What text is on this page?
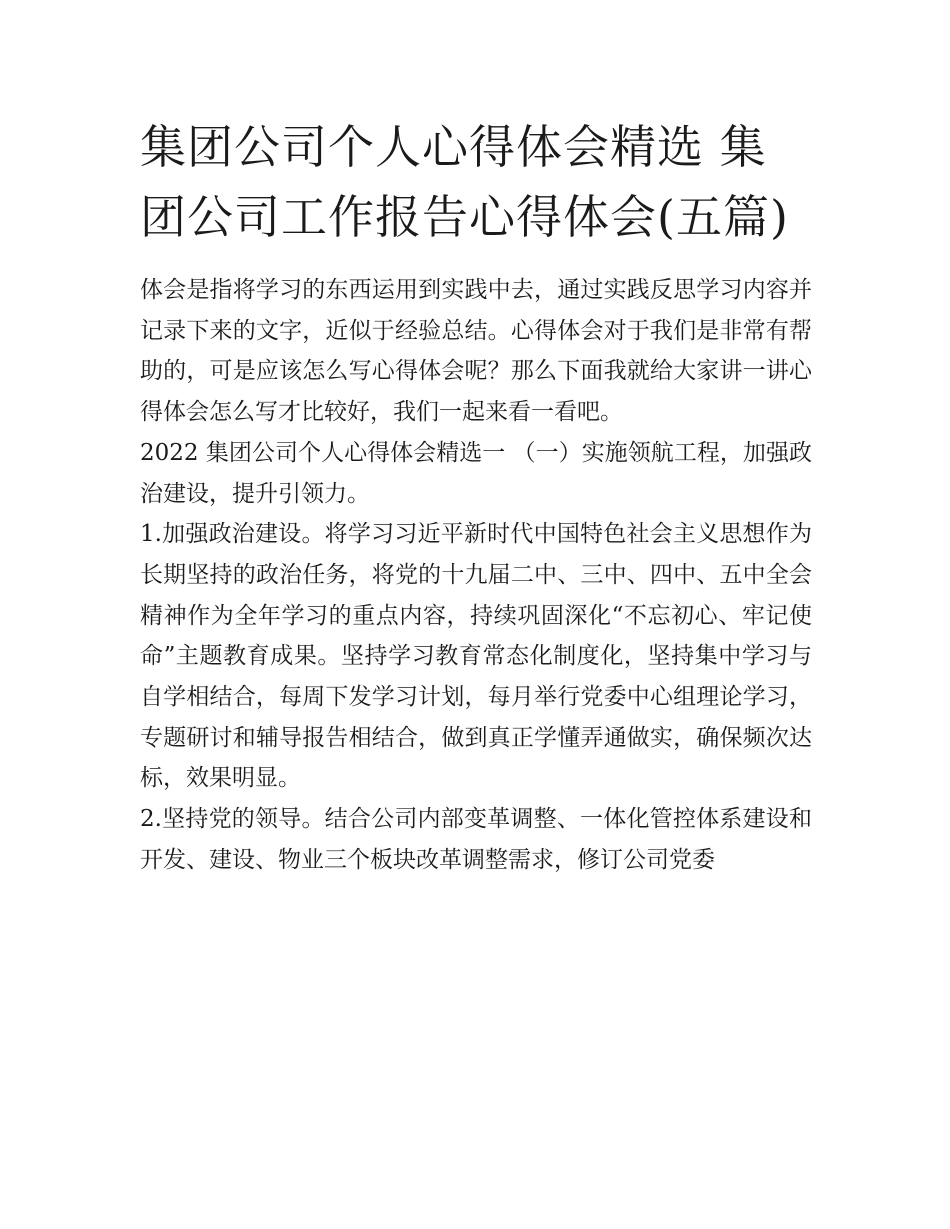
集团公司个人心得体会精选 集团公司工作报告心得体会(五篇)

体会是指将学习的东西运用到实践中去，通过实践反思学习内容并记录下来的文字，近似于经验总结。心得体会对于我们是非常有帮助的，可是应该怎么写心得体会呢？那么下面我就给大家讲一讲心得体会怎么写才比较好，我们一起来看一看吧。

2022 集团公司个人心得体会精选一 （一）实施领航工程，加强政治建设，提升引领力。

1.加强政治建设。将学习习近平新时代中国特色社会主义思想作为长期坚持的政治任务，将党的十九届二中、三中、四中、五中全会精神作为全年学习的重点内容，持续巩固深化“不忘初心、牢记使命”主题教育成果。坚持学习教育常态化制度化，坚持集中学习与自学相结合，每周下发学习计划，每月举行党委中心组理论学习，专题研讨和辅导报告相结合，做到真正学懂弄通做实，确保频次达标，效果明显。

2.坚持党的领导。结合公司内部变革调整、一体化管控体系建设和开发、建设、物业三个板块改革调整需求，修订公司党委
